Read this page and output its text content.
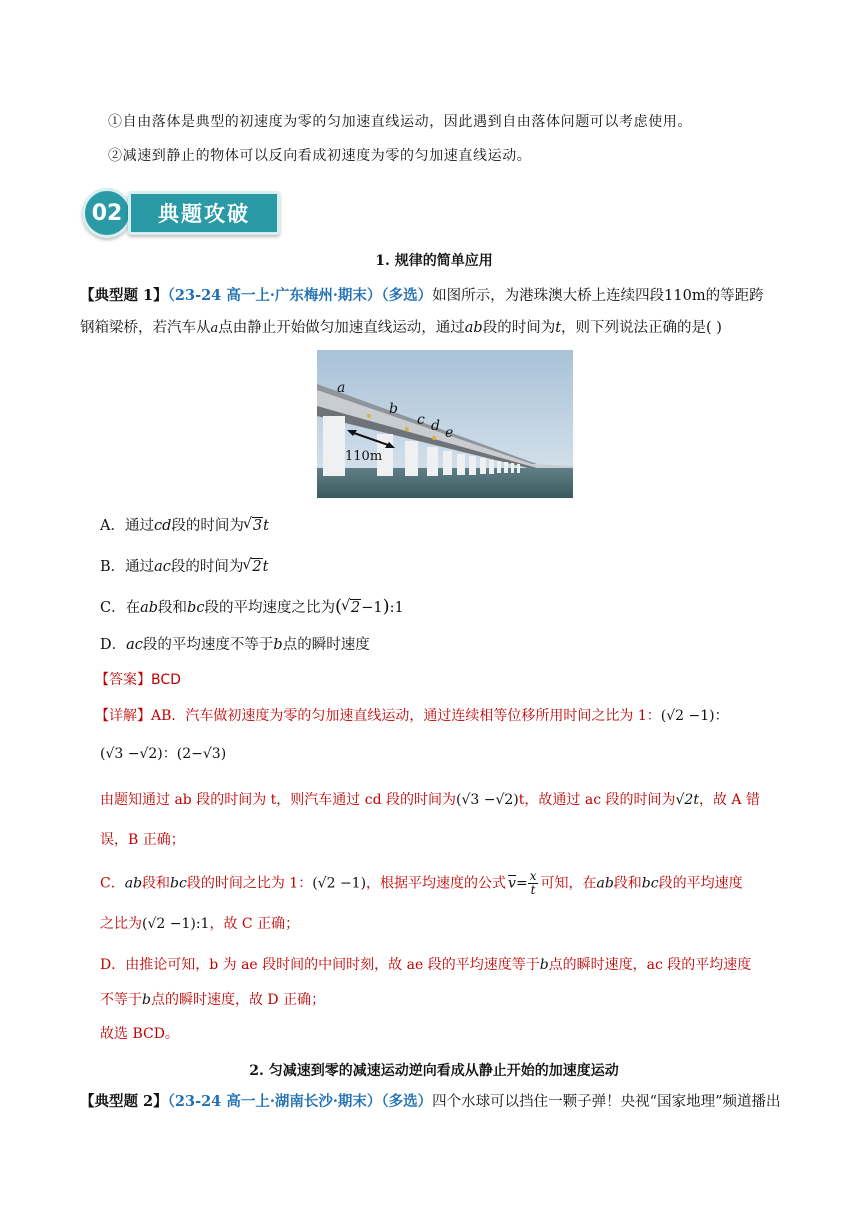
①自由落体是典型的初速度为零的匀加速直线运动，因此遇到自由落体问题可以考虑使用。
②减速到静止的物体可以反向看成初速度为零的匀加速直线运动。
02	典题攻破
1. 规律的简单应用
【典型题 1】（23-24 高一上·广东梅州·期末）（多选）如图所示，为港珠澳大桥上连续四段110m的等距跨
钢箱梁桥，若汽车从a点由静止开始做匀加速直线运动，通过ab段的时间为t，则下列说法正确的是( )
a
b
c d e
110m
A．通过cd段的时间为 √ 3t
B．通过ac段的时间为 √ 2t
C．在ab段和bc段的平均速度之比为( √ 2−1):1
D．ac段的平均速度不等于b点的瞬时速度
【答案】BCD
【详解】AB．汽车做初速度为零的匀加速直线运动，通过连续相等位移所用时间之比为 1：(√2 −1)：
(√3 −√2)：(2−√3)
由题知通过 ab 段的时间为 t，则汽车通过 cd 段的时间为(√3 −√2)t，故通过 ac 段的时间为√2t，故 A 错
误，B 正确；
C．ab段和bc段的时间之比为 1：(√2 −1)，根据平均速度的公式 $\overline{v}= \frac{x}{t}$ 可知，在ab段和bc段的平均速度
之比为(√2 −1):1，故 C 正确；
D．由推论可知，b 为 ae 段时间的中间时刻，故 ae 段的平均速度等于b点的瞬时速度，ac 段的平均速度
不等于b点的瞬时速度，故 D 正确；
故选 BCD。
2. 匀减速到零的减速运动逆向看成从静止开始的加速度运动
【典型题 2】（23-24 高一上·湖南长沙·期末）（多选）四个水球可以挡住一颗子弹！央视“国家地理”频道播出
